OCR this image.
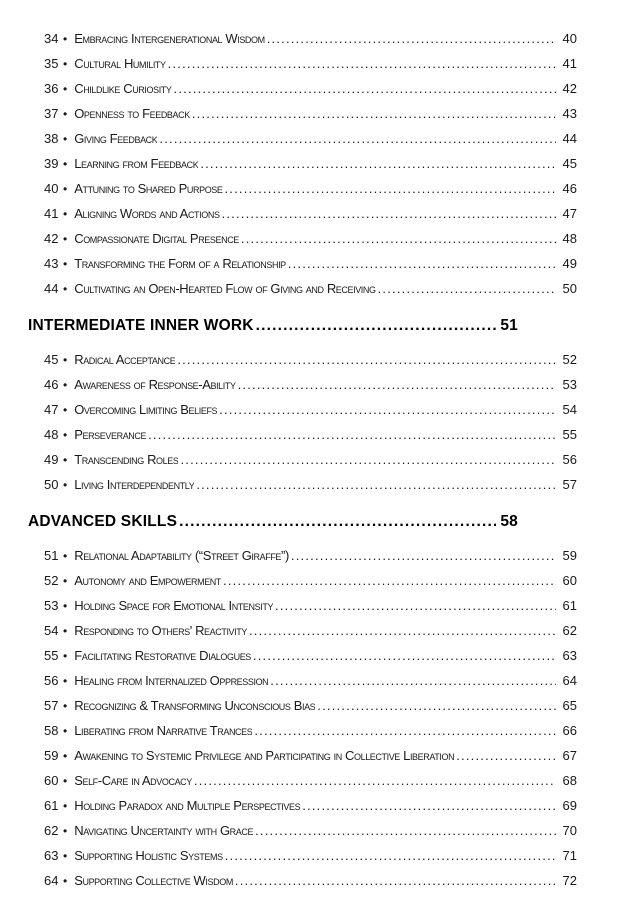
34 • Embracing Intergenerational Wisdom .....	40
35 • Cultural Humility .....	41
36 • Childlike Curiosity .....	42
37 • Openness to Feedback .....	43
38 • Giving Feedback .....	44
39 • Learning from Feedback .....	45
40 • Attuning to Shared Purpose .....	46
41 • Aligning Words and Actions .....	47
42 • Compassionate Digital Presence .....	48
43 • Transforming the Form of a Relationship .....	49
44 • Cultivating an Open-Hearted Flow of Giving and Receiving .....	50
INTERMEDIATE INNER WORK .....	51
45 • Radical Acceptance .....	52
46 • Awareness of Response-Ability .....	53
47 • Overcoming Limiting Beliefs .....	54
48 • Perseverance .....	55
49 • Transcending Roles .....	56
50 • Living Interdependently .....	57
ADVANCED SKILLS .....	58
51 • Relational Adaptability (“Street Giraffe”) .....	59
52 • Autonomy and Empowerment .....	60
53 • Holding Space for Emotional Intensity .....	61
54 • Responding to Others' Reactivity .....	62
55 • Facilitating Restorative Dialogues .....	63
56 • Healing from Internalized Oppression .....	64
57 • Recognizing & Transforming Unconscious Bias .....	65
58 • Liberating from Narrative Trances .....	66
59 • Awakening to Systemic Privilege and Participating in Collective Liberation .....	67
60 • Self-Care in Advocacy .....	68
61 • Holding Paradox and Multiple Perspectives .....	69
62 • Navigating Uncertainty with Grace .....	70
63 • Supporting Holistic Systems .....	71
64 • Supporting Collective Wisdom .....	72
